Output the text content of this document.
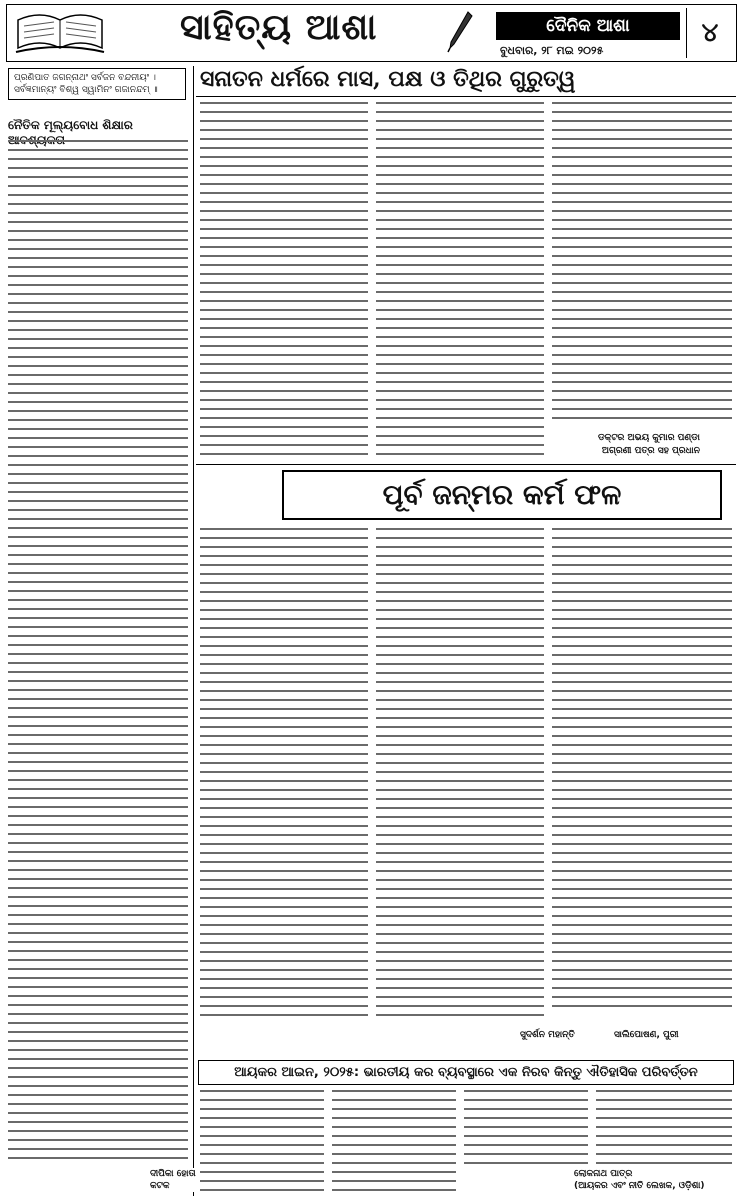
ସାହିତ୍ୟ ଆଶା	ଦୈନିକ ଆଶା
ବୁଧବାର, ୨୮ ମଇ ୨୦୨୫
୪
ପ୍ରଣିପାତ ଜଗନ୍ନାଥଂ ସର୍ବଜନ ବନ୍ଦନୀୟଂ ।
ସର୍ବଜ୍ଞମାନ୍ୟଂ ବିଶ୍ୱ ସ୍ୱାମିନଂ ଗଜାନନ୍ଦମ୍ ॥	ସନାତନ ଧର୍ମରେ ମାସ, ପକ୍ଷ ଓ ତିଥିର ଗୁରୁତ୍ୱ
ନୈତିକ ମୂଲ୍ୟବୋଧ ଶିକ୍ଷାର
ଡକ୍ଟର ଅଭୟ କୁମାର ପଣ୍ଡା
ଅଗ୍ରଣୀ ପତ୍ର ସହ ପ୍ରଧାନ
ପୂର୍ବ ଜନ୍ମର କର୍ମ ଫଳ
ସୁଦର୍ଶନ ମହାନ୍ତି	ସାଲିପୋଷଣ, ପୁରୀ
ଆୟକର ଆଇନ, ୨୦୨୫: ଭାରତୀୟ କର ବ୍ୟବସ୍ଥାରେ ଏକ ନିରବ କିନ୍ତୁ ଐତିହାସିକ ପରିବର୍ତ୍ତନ
ଦୀପିକା ହୋତା
କଟକ
ଲୋକନାଥ ପାତ୍ର
(ଆୟକର ଏବଂ ନୀତି ଲେଖକ, ଓଡ଼ିଶା)
